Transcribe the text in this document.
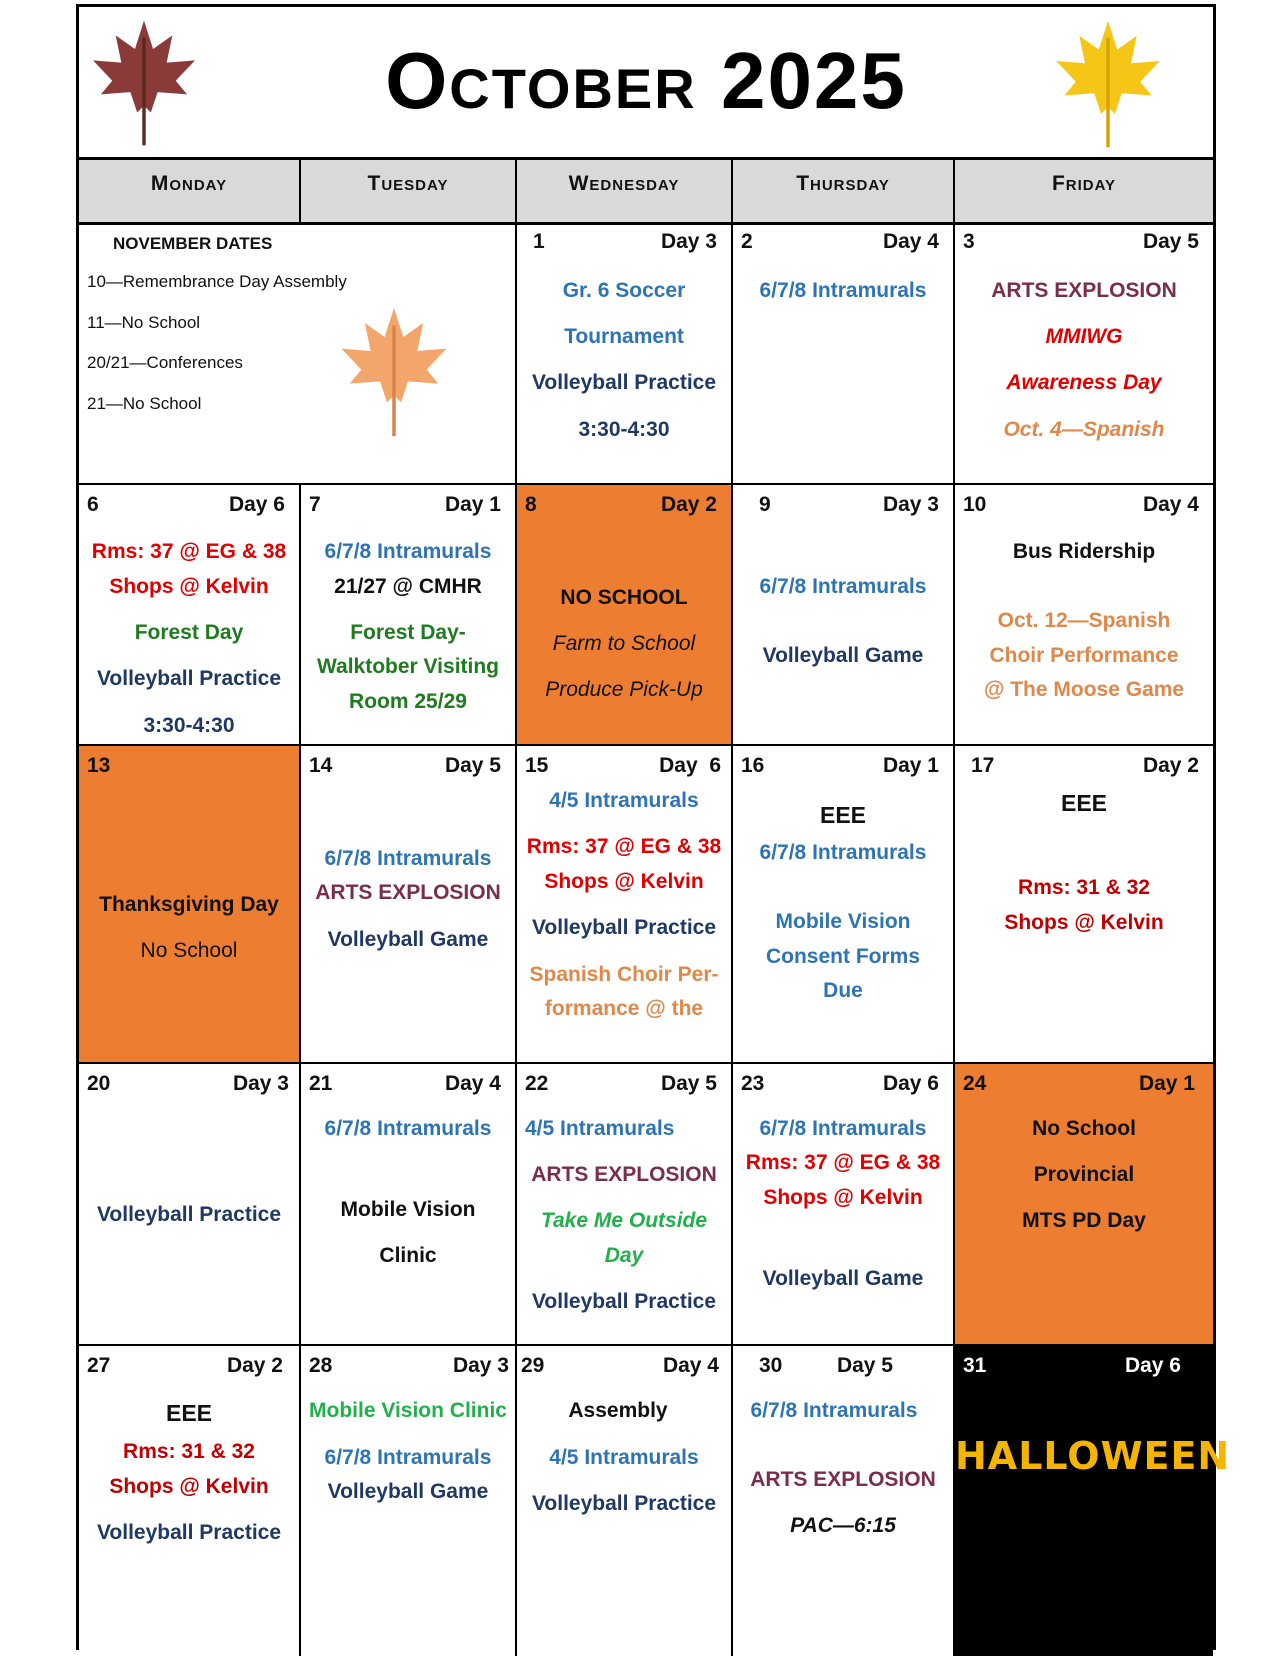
October 2025
Monday	Tuesday	Wednesday	Thursday	Friday
NOVEMBER DATES
10—Remembrance Day Assembly
11—No School
20/21—Conferences
21—No School
1	Day 3
Gr. 6 Soccer
Tournament
Volleyball Practice
3:30-4:30
2	Day 4
6/7/8 Intramurals
3	Day 5
ARTS EXPLOSION
MMIWG
Awareness Day
Oct. 4—Spanish
6	Day 6
Rms: 37 @ EG & 38
Shops @ Kelvin
Forest Day
Volleyball Practice
3:30-4:30
7	Day 1
6/7/8 Intramurals
21/27 @ CMHR
Forest Day-
Walktober Visiting
Room 25/29
8	Day 2
NO SCHOOL
Farm to School
Produce Pick-Up
9	Day 3
6/7/8 Intramurals
Volleyball Game
10	Day 4
Bus Ridership
Oct. 12—Spanish
Choir Performance
@ The Moose Game
13
Thanksgiving Day
No School
14	Day 5
6/7/8 Intramurals
ARTS EXPLOSION
Volleyball Game
15	Day  6
4/5 Intramurals
Rms: 37 @ EG & 38
Shops @ Kelvin
Volleyball Practice
Spanish Choir Per-
formance @ the
16	Day 1
EEE
6/7/8 Intramurals
Mobile Vision
Consent Forms
Due
17	Day 2
EEE
Rms: 31 & 32
Shops @ Kelvin
20	Day 3
Volleyball Practice
21	Day 4
6/7/8 Intramurals
Mobile Vision
Clinic
22	Day 5
4/5 Intramurals
ARTS EXPLOSION
Take Me Outside
Day
Volleyball Practice
23	Day 6
6/7/8 Intramurals
Rms: 37 @ EG & 38
Shops @ Kelvin
Volleyball Game
24	Day 1
No School
Provincial
MTS PD Day
27	Day 2
EEE
Rms: 31 & 32
Shops @ Kelvin
Volleyball Practice
28	Day 3
Mobile Vision Clinic
6/7/8 Intramurals
Volleyball Game
29	Day 4
Assembly
4/5 Intramurals
Volleyball Practice
30	Day 5
6/7/8 Intramurals
ARTS EXPLOSION
PAC—6:15
31	Day 6
HALLOWEEN
